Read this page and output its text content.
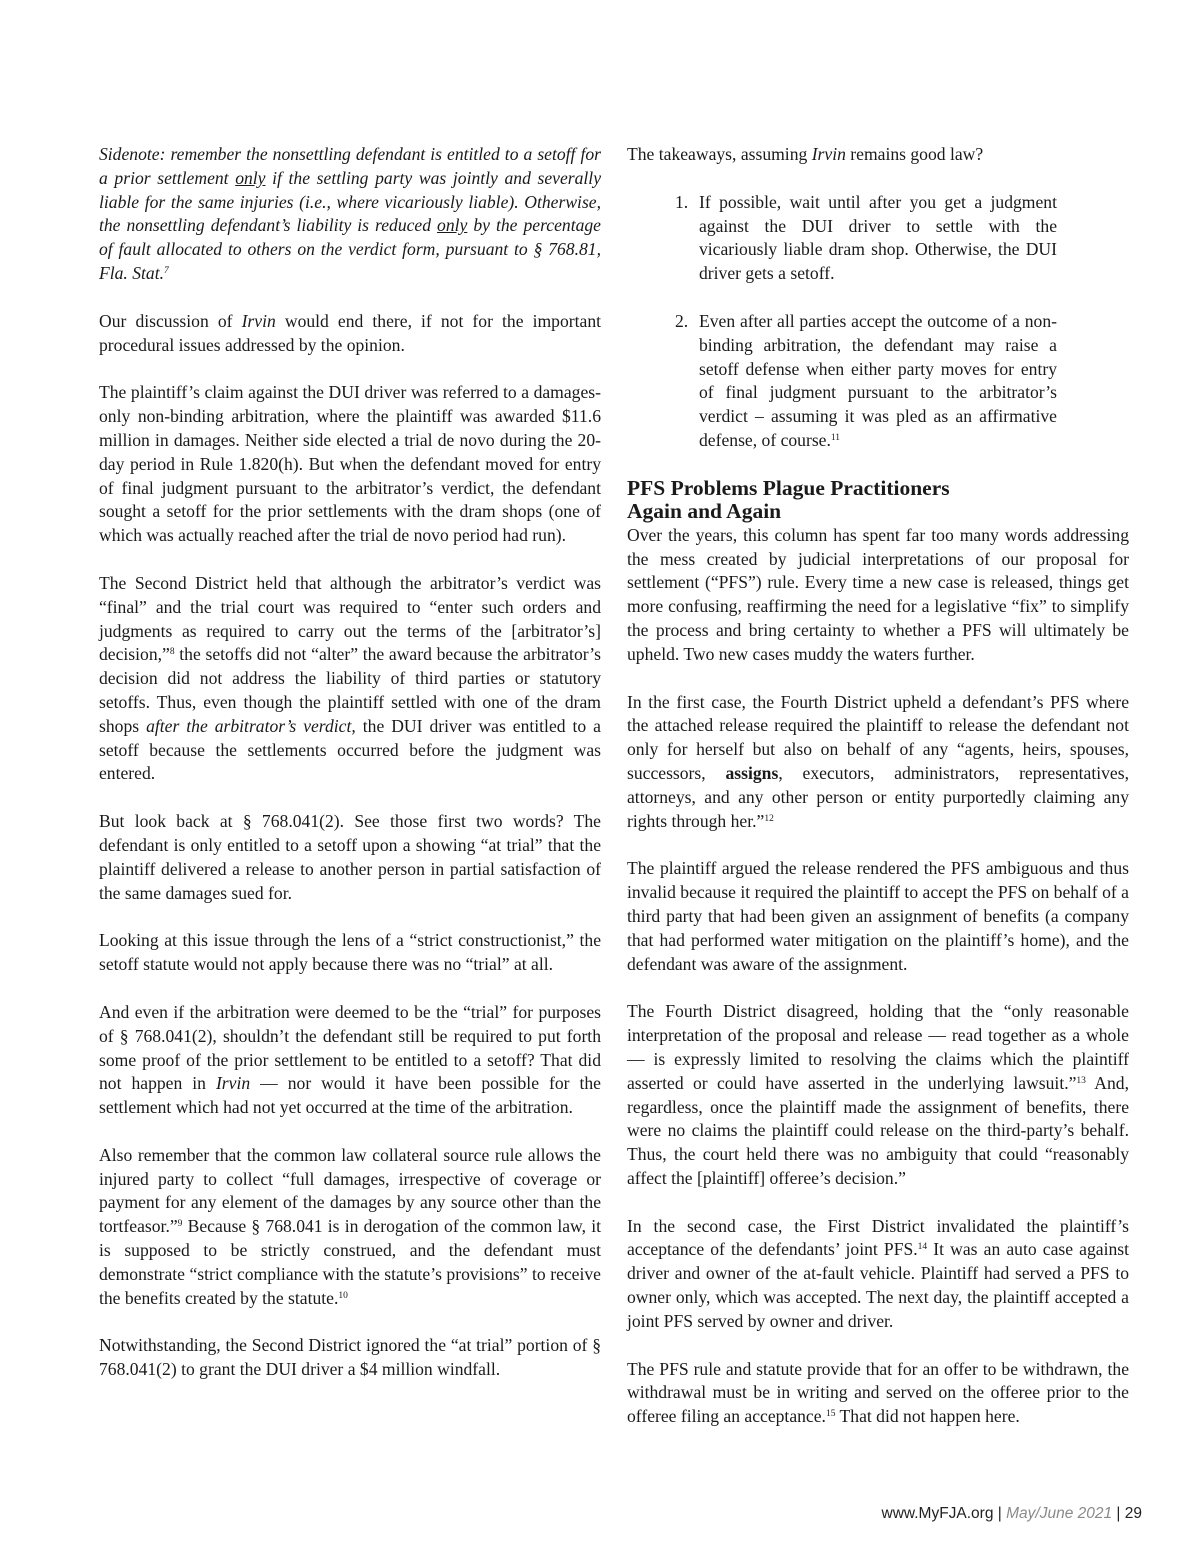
Sidenote: remember the nonsettling defendant is entitled to a setoff for a prior settlement only if the settling party was jointly and severally liable for the same injuries (i.e., where vicariously liable). Otherwise, the nonsettling defendant’s liability is reduced only by the percentage of fault allocated to others on the verdict form, pursuant to § 768.81, Fla. Stat.$^7$

Our discussion of Irvin would end there, if not for the important procedural issues addressed by the opinion.

The plaintiff’s claim against the DUI driver was referred to a damages-only non-binding arbitration, where the plaintiff was awarded $11.6 million in damages. Neither side elected a trial de novo during the 20-day period in Rule 1.820(h). But when the defendant moved for entry of final judgment pursuant to the arbitrator’s verdict, the defendant sought a setoff for the prior settlements with the dram shops (one of which was actually reached after the trial de novo period had run).

The Second District held that although the arbitrator’s verdict was “final” and the trial court was required to “enter such orders and judgments as required to carry out the terms of the [arbitrator’s] decision,”$^8$ the setoffs did not “alter” the award because the arbitrator’s decision did not address the liability of third parties or statutory setoffs. Thus, even though the plaintiff settled with one of the dram shops after the arbitrator’s verdict, the DUI driver was entitled to a setoff because the settlements occurred before the judgment was entered.

But look back at § 768.041(2). See those first two words? The defendant is only entitled to a setoff upon a showing “at trial” that the plaintiff delivered a release to another person in partial satisfaction of the same damages sued for.

Looking at this issue through the lens of a “strict constructionist,” the setoff statute would not apply because there was no “trial” at all.

And even if the arbitration were deemed to be the “trial” for purposes of § 768.041(2), shouldn’t the defendant still be required to put forth some proof of the prior settlement to be entitled to a setoff? That did not happen in Irvin — nor would it have been possible for the settlement which had not yet occurred at the time of the arbitration.

Also remember that the common law collateral source rule allows the injured party to collect “full damages, irrespective of coverage or payment for any element of the damages by any source other than the tortfeasor.”$^9$ Because § 768.041 is in derogation of the common law, it is supposed to be strictly construed, and the defendant must demonstrate “strict compliance with the statute’s provisions” to receive the benefits created by the statute.$^{10}$

Notwithstanding, the Second District ignored the “at trial” portion of § 768.041(2) to grant the DUI driver a $4 million windfall.

The takeaways, assuming Irvin remains good law?

1. If possible, wait until after you get a judgment against the DUI driver to settle with the vicariously liable dram shop. Otherwise, the DUI driver gets a setoff.
2. Even after all parties accept the outcome of a non-binding arbitration, the defendant may raise a setoff defense when either party moves for entry of final judgment pursuant to the arbitrator’s verdict – assuming it was pled as an affirmative defense, of course.$^{11}$
PFS Problems Plague Practitioners
Again and Again

Over the years, this column has spent far too many words addressing the mess created by judicial interpretations of our proposal for settlement (“PFS”) rule. Every time a new case is released, things get more confusing, reaffirming the need for a legislative “fix” to simplify the process and bring certainty to whether a PFS will ultimately be upheld. Two new cases muddy the waters further.

In the first case, the Fourth District upheld a defendant’s PFS where the attached release required the plaintiff to release the defendant not only for herself but also on behalf of any “agents, heirs, spouses, successors, assigns, executors, administrators, representatives, attorneys, and any other person or entity purportedly claiming any rights through her.”$^{12}$

The plaintiff argued the release rendered the PFS ambiguous and thus invalid because it required the plaintiff to accept the PFS on behalf of a third party that had been given an assignment of benefits (a company that had performed water mitigation on the plaintiff’s home), and the defendant was aware of the assignment.

The Fourth District disagreed, holding that the “only reasonable interpretation of the proposal and release — read together as a whole — is expressly limited to resolving the claims which the plaintiff asserted or could have asserted in the underlying lawsuit.”$^{13}$ And, regardless, once the plaintiff made the assignment of benefits, there were no claims the plaintiff could release on the third-party’s behalf. Thus, the court held there was no ambiguity that could “reasonably affect the [plaintiff] offeree’s decision.”

In the second case, the First District invalidated the plaintiff’s acceptance of the defendants’ joint PFS.$^{14}$ It was an auto case against driver and owner of the at-fault vehicle. Plaintiff had served a PFS to owner only, which was accepted. The next day, the plaintiff accepted a joint PFS served by owner and driver.

The PFS rule and statute provide that for an offer to be withdrawn, the withdrawal must be in writing and served on the offeree prior to the offeree filing an acceptance.$^{15}$ That did not happen here.

www.MyFJA.org | May/June 2021 | 29
